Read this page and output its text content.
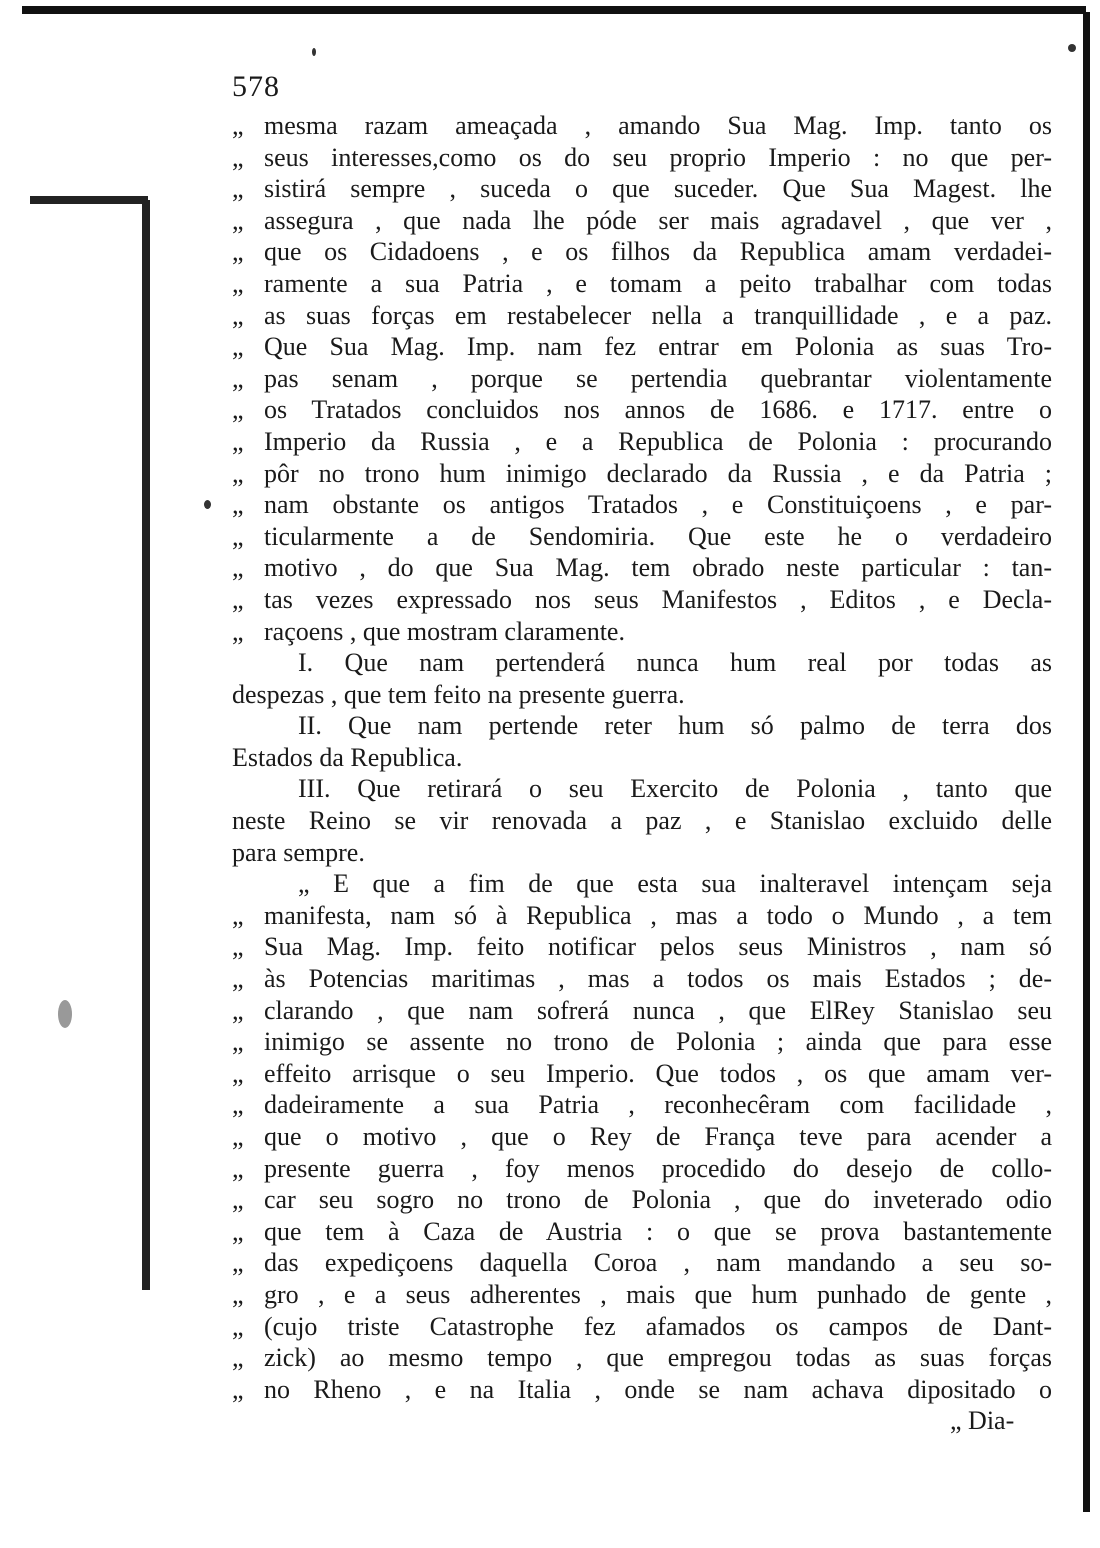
578
„ mesma razam ameaçada , amando Sua Mag. Imp. tanto os
„ seus interesses,como os do seu proprio Imperio : no que per-
„ sistirá sempre , suceda o que suceder. Que Sua Magest. lhe
„ assegura , que nada lhe póde ser mais agradavel , que ver ,
„ que os Cidadoens , e os filhos da Republica amam verdadei-
„ ramente a sua Patria , e tomam a peito trabalhar com todas
„ as suas forças em restabelecer nella a tranquillidade , e a paz.
„ Que Sua Mag. Imp. nam fez entrar em Polonia as suas Tro-
„ pas senam , porque se pertendia quebrantar violentamente
„ os Tratados concluidos nos annos de 1686. e 1717. entre o
„ Imperio da Russia , e a Republica de Polonia : procurando
„ pôr no trono hum inimigo declarado da Russia , e da Patria ;
„ nam obstante os antigos Tratados , e Constituiçoens , e par-
„ ticularmente a de Sendomiria. Que este he o verdadeiro
„ motivo , do que Sua Mag. tem obrado neste particular : tan-
„ tas vezes expressado nos seus Manifestos , Editos , e Decla-
„ raçoens , que mostram claramente.
I. Que nam pertenderá nunca hum real por todas as
despezas , que tem feito na presente guerra.
II. Que nam pertende reter hum só palmo de terra dos
Estados da Republica.
III. Que retirará o seu Exercito de Polonia , tanto que
neste Reino se vir renovada a paz , e Stanislao excluido delle
para sempre.
„ E que a fim de que esta sua inalteravel intençam seja
„ manifesta, nam só à Republica , mas a todo o Mundo , a tem
„ Sua Mag. Imp. feito notificar pelos seus Ministros , nam só
„ às Potencias maritimas , mas a todos os mais Estados ; de-
„ clarando , que nam sofrerá nunca , que ElRey Stanislao seu
„ inimigo se assente no trono de Polonia ; ainda que para esse
„ effeito arrisque o seu Imperio. Que todos , os que amam ver-
„ dadeiramente a sua Patria , reconhecêram com facilidade ,
„ que o motivo , que o Rey de França teve para acender a
„ presente guerra , foy menos procedido do desejo de collo-
„ car seu sogro no trono de Polonia , que do inveterado odio
„ que tem à Caza de Austria : o que se prova bastantemente
„ das expediçoens daquella Coroa , nam mandando a seu so-
„ gro , e a seus adherentes , mais que hum punhado de gente ,
„ (cujo triste Catastrophe fez afamados os campos de Dant-
„ zick) ao mesmo tempo , que empregou todas as suas forças
„ no Rheno , e na Italia , onde se nam achava dipositado o
„ Dia-
